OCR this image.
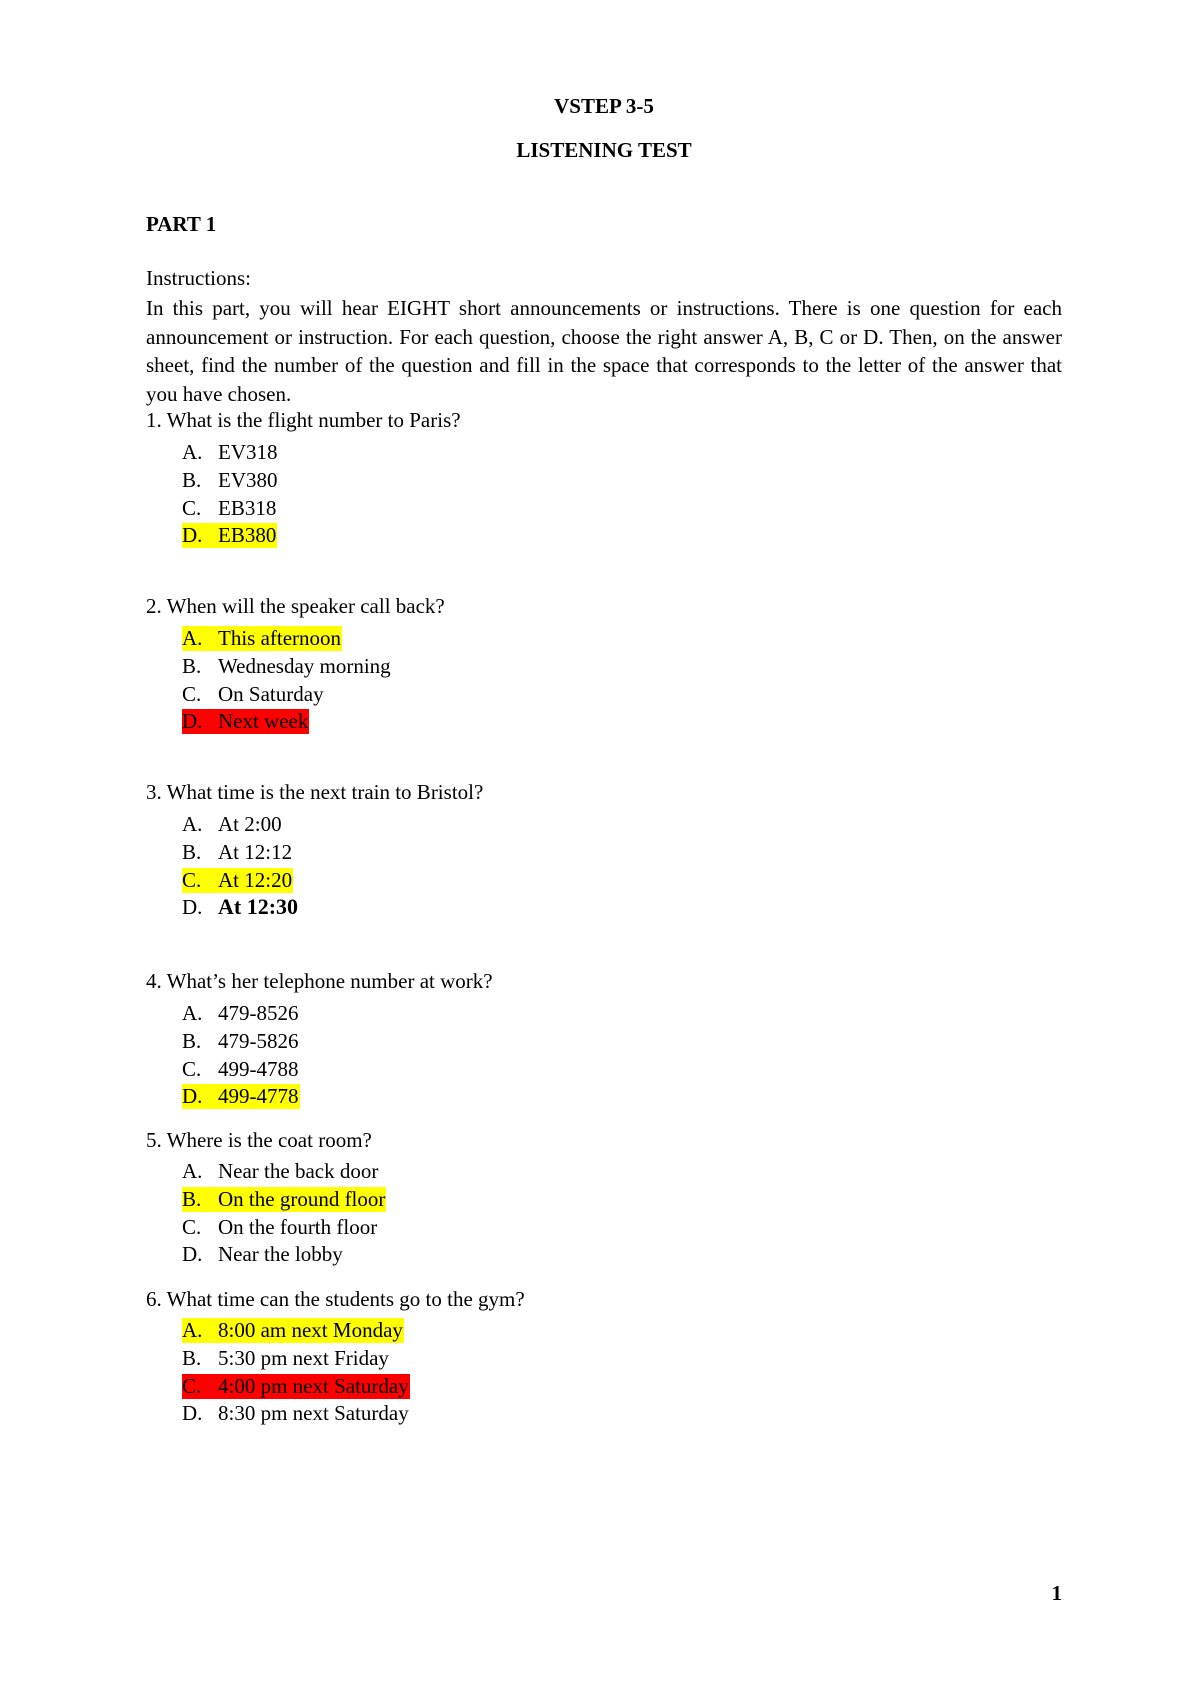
VSTEP 3-5
LISTENING TEST
PART 1
Instructions:
In this part, you will hear EIGHT short announcements or instructions. There is one question for each announcement or instruction. For each question, choose the right answer A, B, C or D. Then, on the answer sheet, find the number of the question and fill in the space that corresponds to the letter of the answer that you have chosen.
1. What is the flight number to Paris?
A. EV318
B. EV380
C. EB318
D. EB380
2. When will the speaker call back?
A. This afternoon
B. Wednesday morning
C. On Saturday
D. Next week
3. What time is the next train to Bristol?
A. At 2:00
B. At 12:12
C. At 12:20
D. At 12:30
4. What’s her telephone number at work?
A. 479-8526
B. 479-5826
C. 499-4788
D. 499-4778
5. Where is the coat room?
A. Near the back door
B. On the ground floor
C. On the fourth floor
D. Near the lobby
6. What time can the students go to the gym?
A. 8:00 am next Monday
B. 5:30 pm next Friday
C. 4:00 pm next Saturday
D. 8:30 pm next Saturday
1
